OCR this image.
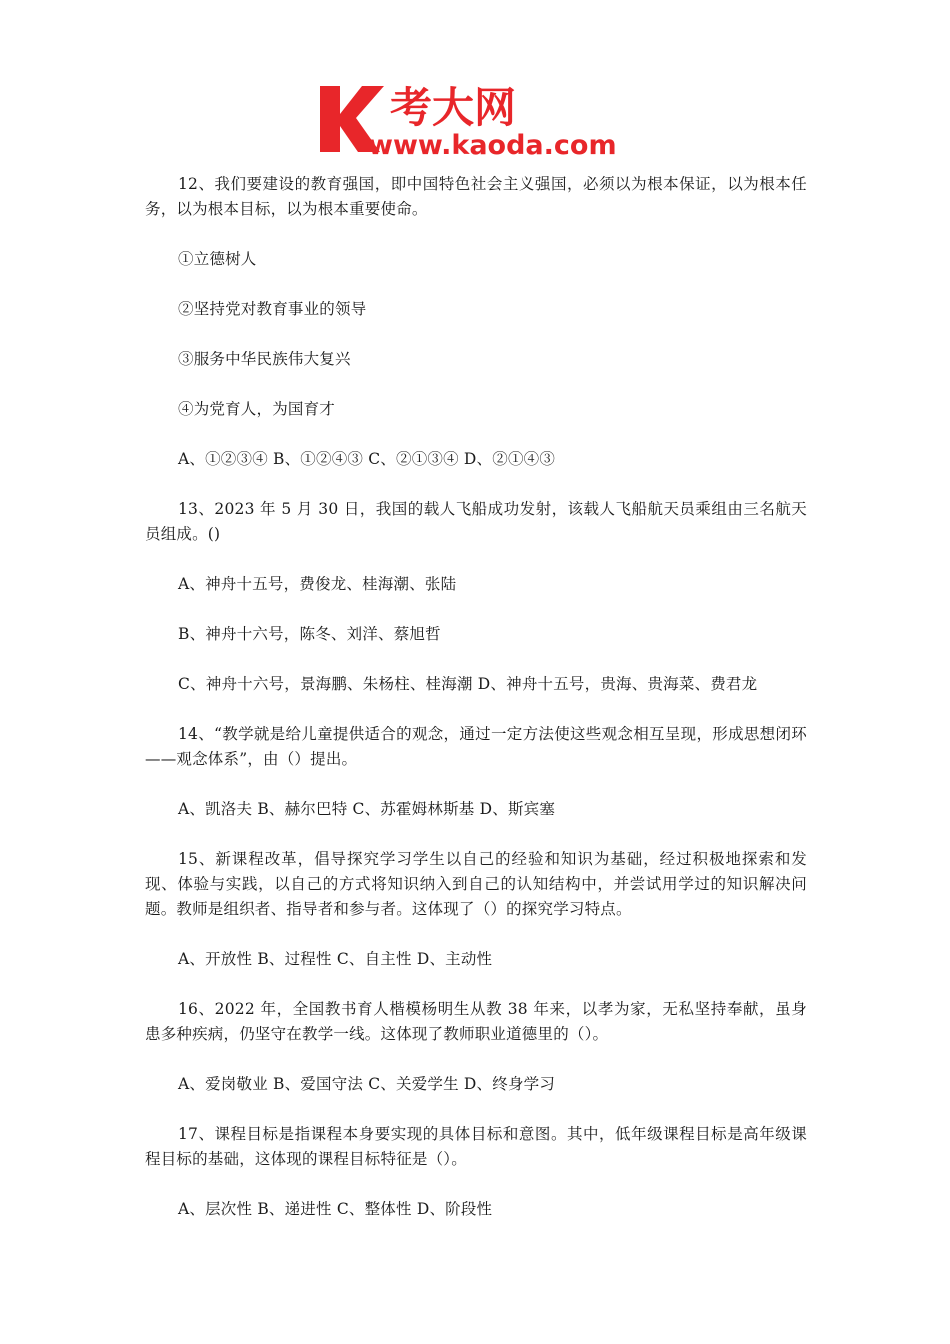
考大网
www.kaoda.com

12、我们要建设的教育强国，即中国特色社会主义强国，必须以为根本保证，以为根本任务，以为根本目标，以为根本重要使命。

①立德树人

②坚持党对教育事业的领导

③服务中华民族伟大复兴

④为党育人，为国育才

A、①②③④ B、①②④③ C、②①③④ D、②①④③

13、2023 年 5 月 30 日，我国的载人飞船成功发射，该载人飞船航天员乘组由三名航天员组成。()

A、神舟十五号，费俊龙、桂海潮、张陆

B、神舟十六号，陈冬、刘洋、蔡旭哲

C、神舟十六号，景海鹏、朱杨柱、桂海潮 D、神舟十五号，贵海、贵海菜、费君龙

14、“教学就是给儿童提供适合的观念，通过一定方法使这些观念相互呈现，形成思想闭环——观念体系”，由（）提出。

A、凯洛夫 B、赫尔巴特 C、苏霍姆林斯基 D、斯宾塞

15、新课程改革，倡导探究学习学生以自己的经验和知识为基础，经过积极地探索和发现、体验与实践，以自己的方式将知识纳入到自己的认知结构中，并尝试用学过的知识解决问题。教师是组织者、指导者和参与者。这体现了（）的探究学习特点。

A、开放性 B、过程性 C、自主性 D、主动性

16、2022 年，全国教书育人楷模杨明生从教 38 年来，以孝为家，无私坚持奉献，虽身患多种疾病，仍坚守在教学一线。这体现了教师职业道德里的（）。

A、爱岗敬业 B、爱国守法 C、关爱学生 D、终身学习

17、课程目标是指课程本身要实现的具体目标和意图。其中，低年级课程目标是高年级课程目标的基础，这体现的课程目标特征是（）。

A、层次性 B、递进性 C、整体性 D、阶段性
